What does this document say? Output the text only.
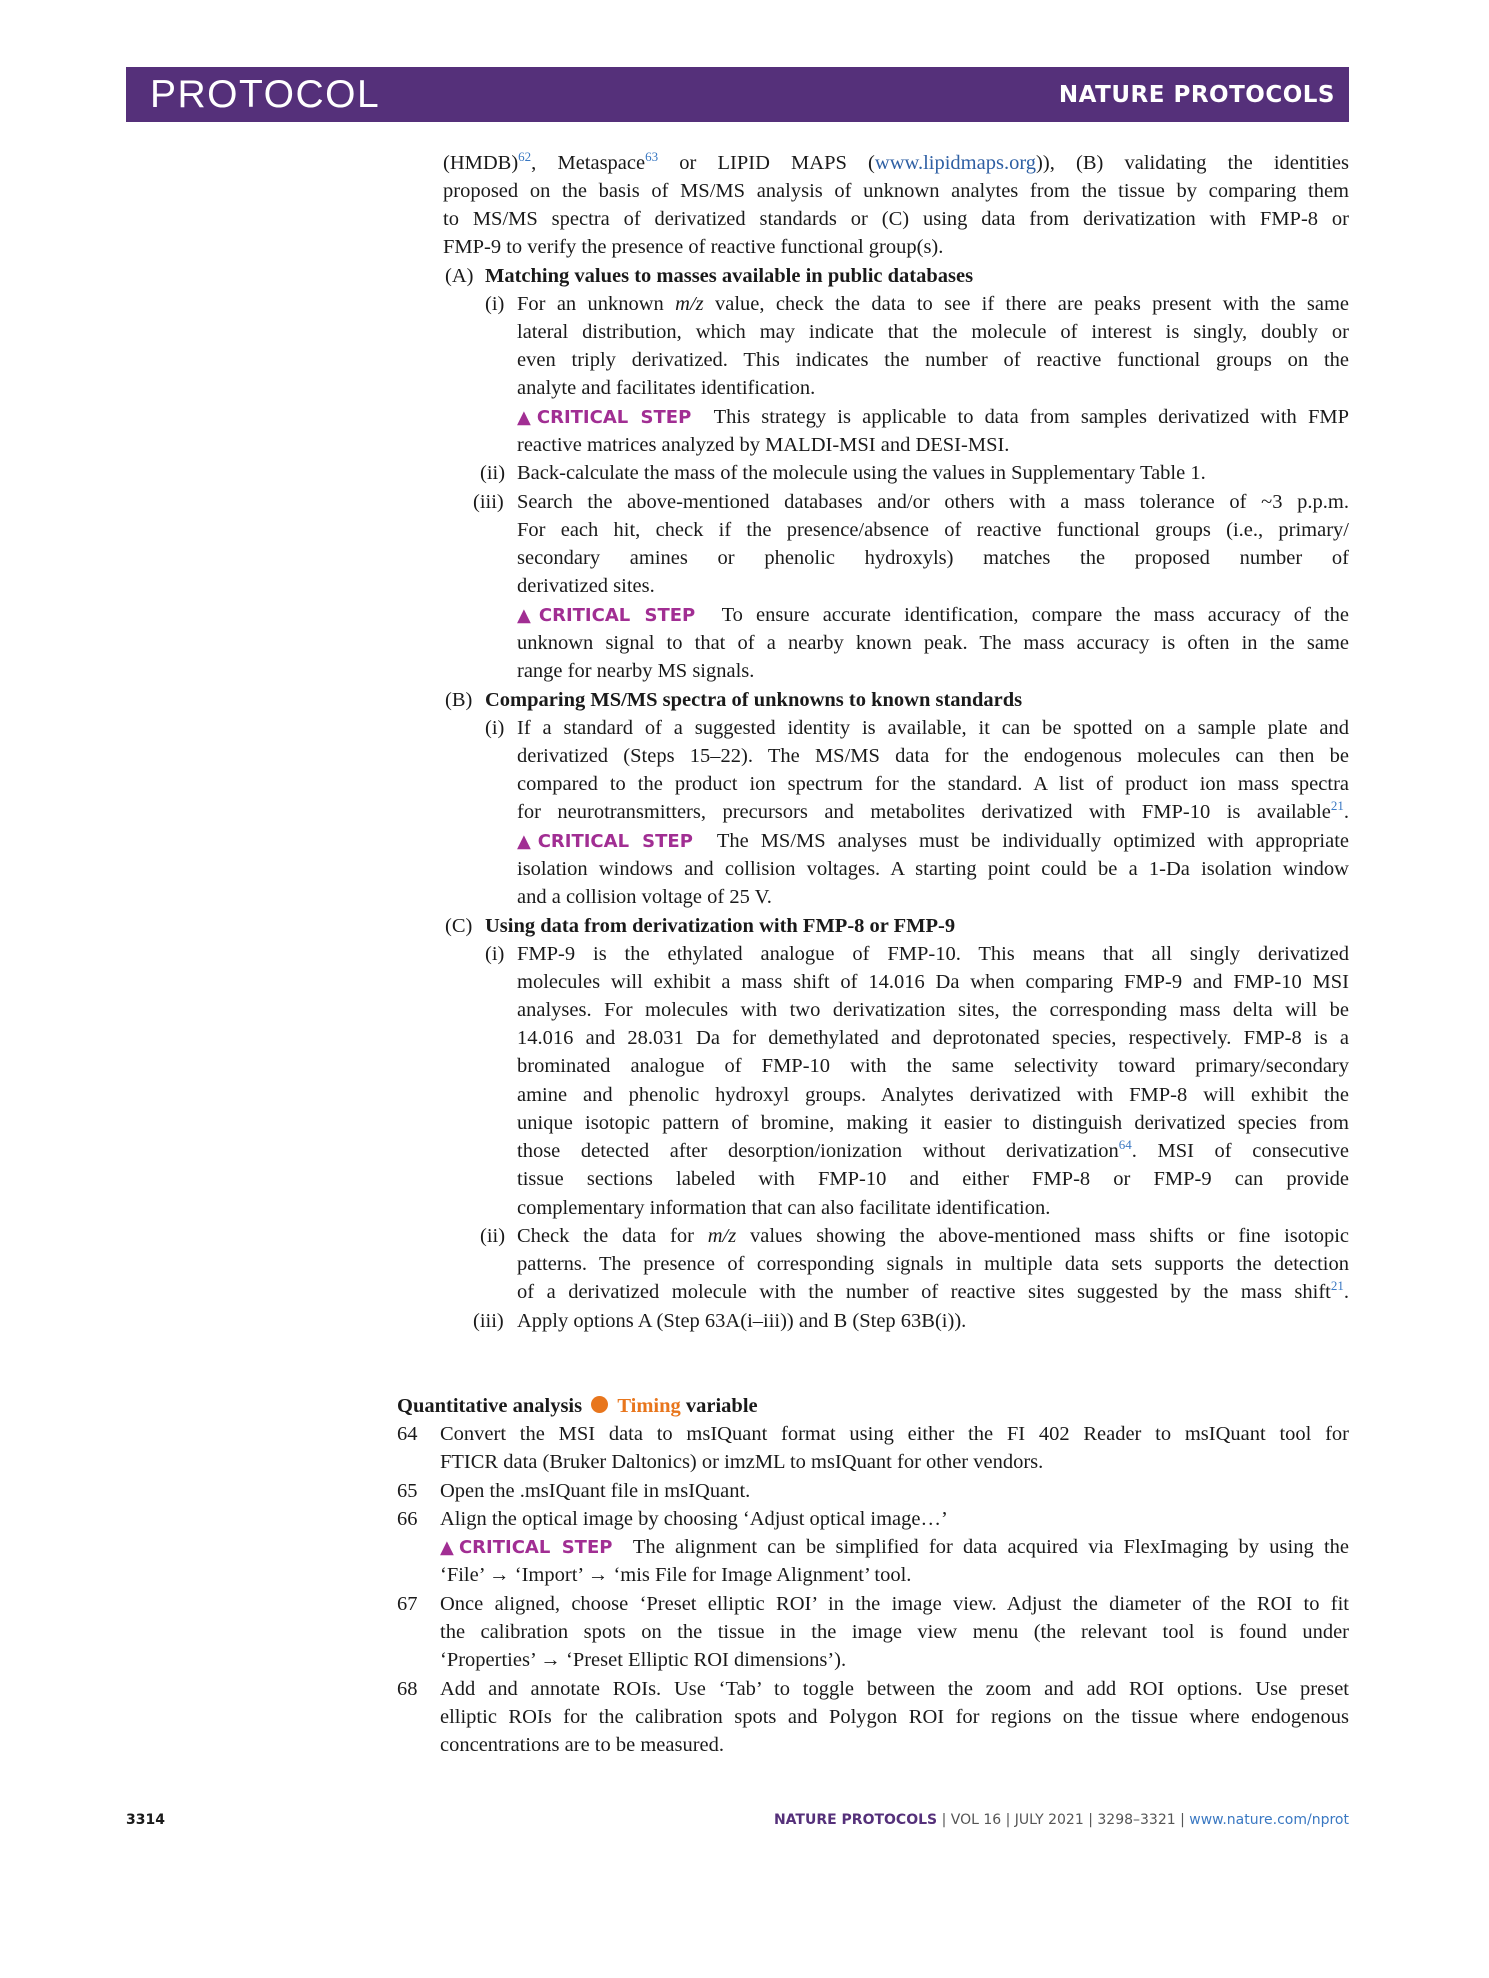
PROTOCOL	NATURE PROTOCOLS
(HMDB)$^{62}$, Metaspace$^{63}$ or LIPID MAPS (www.lipidmaps.org)), (B) validating the identities
proposed on the basis of MS/MS analysis of unknown analytes from the tissue by comparing them
to MS/MS spectra of derivatized standards or (C) using data from derivatization with FMP-8 or
FMP-9 to verify the presence of reactive functional group(s).
(A) Matching values to masses available in public databases
(i) For an unknown m/z value, check the data to see if there are peaks present with the same
lateral distribution, which may indicate that the molecule of interest is singly, doubly or
even triply derivatized. This indicates the number of reactive functional groups on the
analyte and facilitates identification.
▲CRITICAL STEP This strategy is applicable to data from samples derivatized with FMP
reactive matrices analyzed by MALDI-MSI and DESI-MSI.
(ii) Back-calculate the mass of the molecule using the values in Supplementary Table 1.
(iii) Search the above-mentioned databases and/or others with a mass tolerance of ~3 p.p.m.
For each hit, check if the presence/absence of reactive functional groups (i.e., primary/
secondary amines or phenolic hydroxyls) matches the proposed number of
derivatized sites.
▲CRITICAL STEP To ensure accurate identification, compare the mass accuracy of the
unknown signal to that of a nearby known peak. The mass accuracy is often in the same
range for nearby MS signals.
(B) Comparing MS/MS spectra of unknowns to known standards
(i) If a standard of a suggested identity is available, it can be spotted on a sample plate and
derivatized (Steps 15–22). The MS/MS data for the endogenous molecules can then be
compared to the product ion spectrum for the standard. A list of product ion mass spectra
for neurotransmitters, precursors and metabolites derivatized with FMP-10 is available$^{21}$.
▲CRITICAL STEP The MS/MS analyses must be individually optimized with appropriate
isolation windows and collision voltages. A starting point could be a 1-Da isolation window
and a collision voltage of 25 V.
(C) Using data from derivatization with FMP-8 or FMP-9
(i) FMP-9 is the ethylated analogue of FMP-10. This means that all singly derivatized
molecules will exhibit a mass shift of 14.016 Da when comparing FMP-9 and FMP-10 MSI
analyses. For molecules with two derivatization sites, the corresponding mass delta will be
14.016 and 28.031 Da for demethylated and deprotonated species, respectively. FMP-8 is a
brominated analogue of FMP-10 with the same selectivity toward primary/secondary
amine and phenolic hydroxyl groups. Analytes derivatized with FMP-8 will exhibit the
unique isotopic pattern of bromine, making it easier to distinguish derivatized species from
those detected after desorption/ionization without derivatization$^{64}$. MSI of consecutive
tissue sections labeled with FMP-10 and either FMP-8 or FMP-9 can provide
complementary information that can also facilitate identification.
(ii) Check the data for m/z values showing the above-mentioned mass shifts or fine isotopic
patterns. The presence of corresponding signals in multiple data sets supports the detection
of a derivatized molecule with the number of reactive sites suggested by the mass shift$^{21}$.
(iii) Apply options A (Step 63A(i–iii)) and B (Step 63B(i)).
Quantitative analysis Timing variable
64 Convert the MSI data to msIQuant format using either the FI 402 Reader to msIQuant tool for
FTICR data (Bruker Daltonics) or imzML to msIQuant for other vendors.
65 Open the .msIQuant file in msIQuant.
66 Align the optical image by choosing ‘Adjust optical image…’
▲CRITICAL STEP The alignment can be simplified for data acquired via FlexImaging by using the
‘File’ → ‘Import’ → ‘mis File for Image Alignment’ tool.
67 Once aligned, choose ‘Preset elliptic ROI’ in the image view. Adjust the diameter of the ROI to fit
the calibration spots on the tissue in the image view menu (the relevant tool is found under
‘Properties’ → ‘Preset Elliptic ROI dimensions’).
68 Add and annotate ROIs. Use ‘Tab’ to toggle between the zoom and add ROI options. Use preset
elliptic ROIs for the calibration spots and Polygon ROI for regions on the tissue where endogenous
concentrations are to be measured.
3314	NATURE PROTOCOLS | VOL 16 | JULY 2021 | 3298–3321 | www.nature.com/nprot
